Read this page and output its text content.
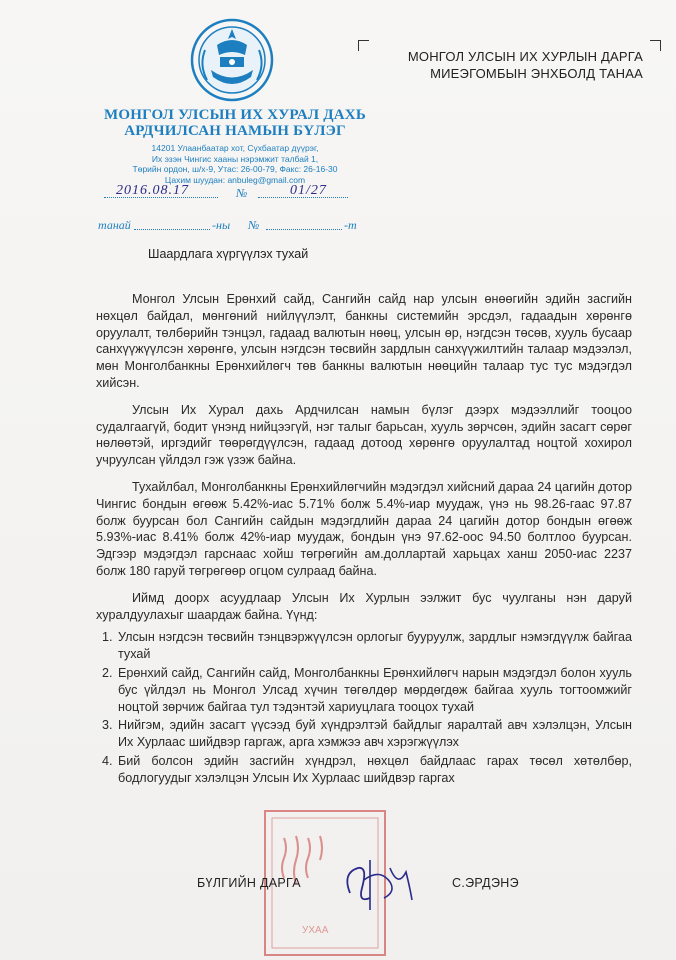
МОНГОЛ УЛСЫН ИХ ХУРАЛ ДАХЬ
АРДЧИЛСАН НАМЫН БҮЛЭГ
14201 Улаанбаатар хот, Сүхбаатар дүүрэг,
Их эзэн Чингис хааны нэрэмжит талбай 1,
Төрийн ордон, ш/х-9, Утас: 26-00-79, Факс: 26-16-30
Цахим шуудан: anbuleg@gmail.com
МОНГОЛ УЛСЫН ИХ ХУРЛЫН ДАРГА
МИЕЭГОМБЫН ЭНХБОЛД ТАНАА
2016.08.17	№	01/27
танай	-ны №	-т
Шаардлага хүргүүлэх тухай

Монгол Улсын Ерөнхий сайд, Сангийн сайд нар улсын өнөөгийн эдийн засгийн нөхцөл байдал, мөнгөний нийлүүлэлт, банкны системийн эрсдэл, гадаадын хөрөнгө оруулалт, төлбөрийн тэнцэл, гадаад валютын нөөц, улсын өр, нэгдсэн төсөв, хууль бусаар санхүүжүүлсэн хөрөнгө, улсын нэгдсэн төсвийн зардлын санхүүжилтийн талаар мэдээлэл, мөн Монголбанкны Ерөнхийлөгч төв банкны валютын нөөцийн талаар тус тус мэдэгдэл хийсэн.

Улсын Их Хурал дахь Ардчилсан намын бүлэг дээрх мэдээллийг тооцоо судалгаагүй, бодит үнэнд нийцээгүй, нэг талыг барьсан, хууль зөрчсөн, эдийн засагт сөрөг нөлөөтэй, иргэдийг төөрөгдүүлсэн, гадаад дотоод хөрөнгө оруулалтад ноцтой хохирол учруулсан үйлдэл гэж үзэж байна.

Тухайлбал, Монголбанкны Ерөнхийлөгчийн мэдэгдэл хийсний дараа 24 цагийн дотор Чингис бондын өгөөж 5.42%-иас 5.71% болж 5.4%-иар муудаж, үнэ нь 98.26-гаас 97.87 болж буурсан бол Сангийн сайдын мэдэгдлийн дараа 24 цагийн дотор бондын өгөөж 5.93%-иас 8.41% болж 42%-иар муудаж, бондын үнэ 97.62-оос 94.50 болтлоо буурсан. Эдгээр мэдэгдэл гарснаас хойш төгрөгийн ам.доллартай харьцах ханш 2050-иас 2237 болж 180 гаруй төгрөгөөр огцом сулраад байна.

Иймд доорх асуудлаар Улсын Их Хурлын ээлжит бус чуулганы нэн даруй хуралдуулахыг шаардаж байна. Үүнд:

1. Улсын нэгдсэн төсвийн тэнцвэржүүлсэн орлогыг бууруулж, зардлыг нэмэгдүүлж байгаа тухай
2. Ерөнхий сайд, Сангийн сайд, Монголбанкны Ерөнхийлөгч нарын мэдэгдэл болон хууль бус үйлдэл нь Монгол Улсад хүчин төгөлдөр мөрдөгдөж байгаа хууль тогтоомжийг ноцтой зөрчиж байгаа тул тэдэнтэй хариуцлага тооцох тухай
3. Нийгэм, эдийн засагт үүсээд буй хүндрэлтэй байдлыг яаралтай авч хэлэлцэн, Улсын Их Хурлаас шийдвэр гаргаж, арга хэмжээ авч хэрэгжүүлэх
4. Бий болсон эдийн засгийн хүндрэл, нөхцөл байдлаас гарах төсөл хөтөлбөр, бодлогуудыг хэлэлцэн Улсын Их Хурлаас шийдвэр гаргах
УХАА
БҮЛГИЙН ДАРГА	С.ЭРДЭНЭ
